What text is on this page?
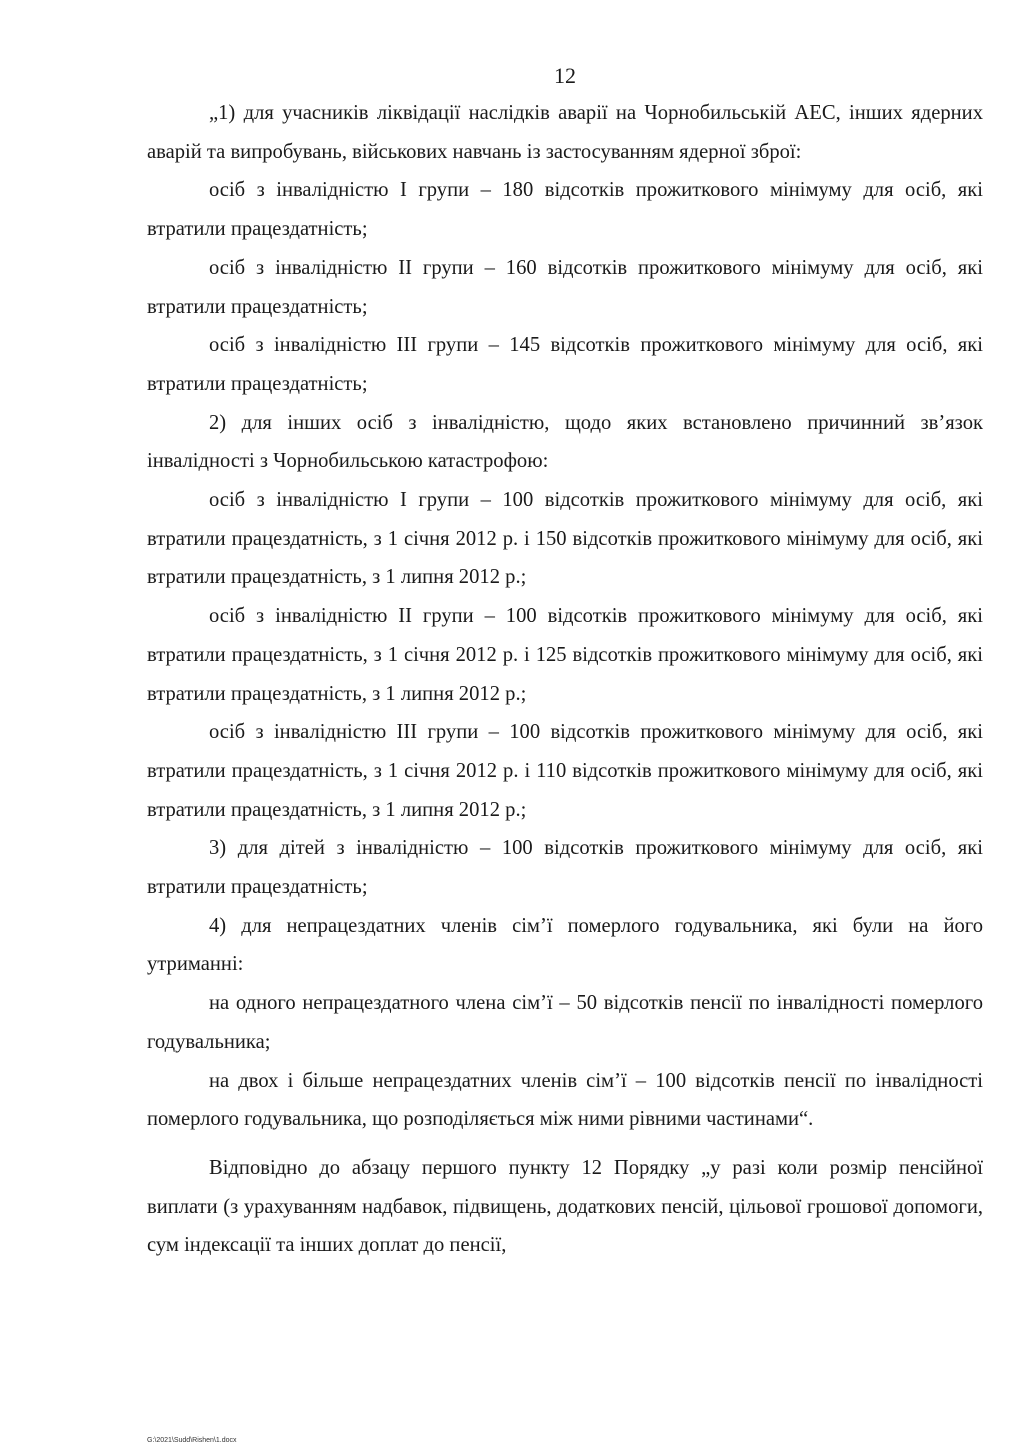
12

„1) для учасників ліквідації наслідків аварії на Чорнобильській АЕС, інших ядерних аварій та випробувань, військових навчань із застосуванням ядерної зброї:

осіб з інвалідністю І групи – 180 відсотків прожиткового мінімуму для осіб, які втратили працездатність;

осіб з інвалідністю ІІ групи – 160 відсотків прожиткового мінімуму для осіб, які втратили працездатність;

осіб з інвалідністю ІІІ групи – 145 відсотків прожиткового мінімуму для осіб, які втратили працездатність;

2) для інших осіб з інвалідністю, щодо яких встановлено причинний зв’язок інвалідності з Чорнобильською катастрофою:

осіб з інвалідністю І групи – 100 відсотків прожиткового мінімуму для осіб, які втратили працездатність, з 1 січня 2012 р. і 150 відсотків прожиткового мінімуму для осіб, які втратили працездатність, з 1 липня 2012 р.;

осіб з інвалідністю ІІ групи – 100 відсотків прожиткового мінімуму для осіб, які втратили працездатність, з 1 січня 2012 р. і 125 відсотків прожиткового мінімуму для осіб, які втратили працездатність, з 1 липня 2012 р.;

осіб з інвалідністю ІІІ групи – 100 відсотків прожиткового мінімуму для осіб, які втратили працездатність, з 1 січня 2012 р. і 110 відсотків прожиткового мінімуму для осіб, які втратили працездатність, з 1 липня 2012 р.;

3) для дітей з інвалідністю – 100 відсотків прожиткового мінімуму для осіб, які втратили працездатність;

4) для непрацездатних членів сім’ї померлого годувальника, які були на його утриманні:

на одного непрацездатного члена сім’ї – 50 відсотків пенсії по інвалідності померлого годувальника;

на двох і більше непрацездатних членів сім’ї – 100 відсотків пенсії по інвалідності померлого годувальника, що розподіляється між ними рівними частинами“.

Відповідно до абзацу першого пункту 12 Порядку „у разі коли розмір пенсійної виплати (з урахуванням надбавок, підвищень, додаткових пенсій, цільової грошової допомоги, сум індексації та інших доплат до пенсії,

G:\2021\Sudd\Rishen\1.docx
